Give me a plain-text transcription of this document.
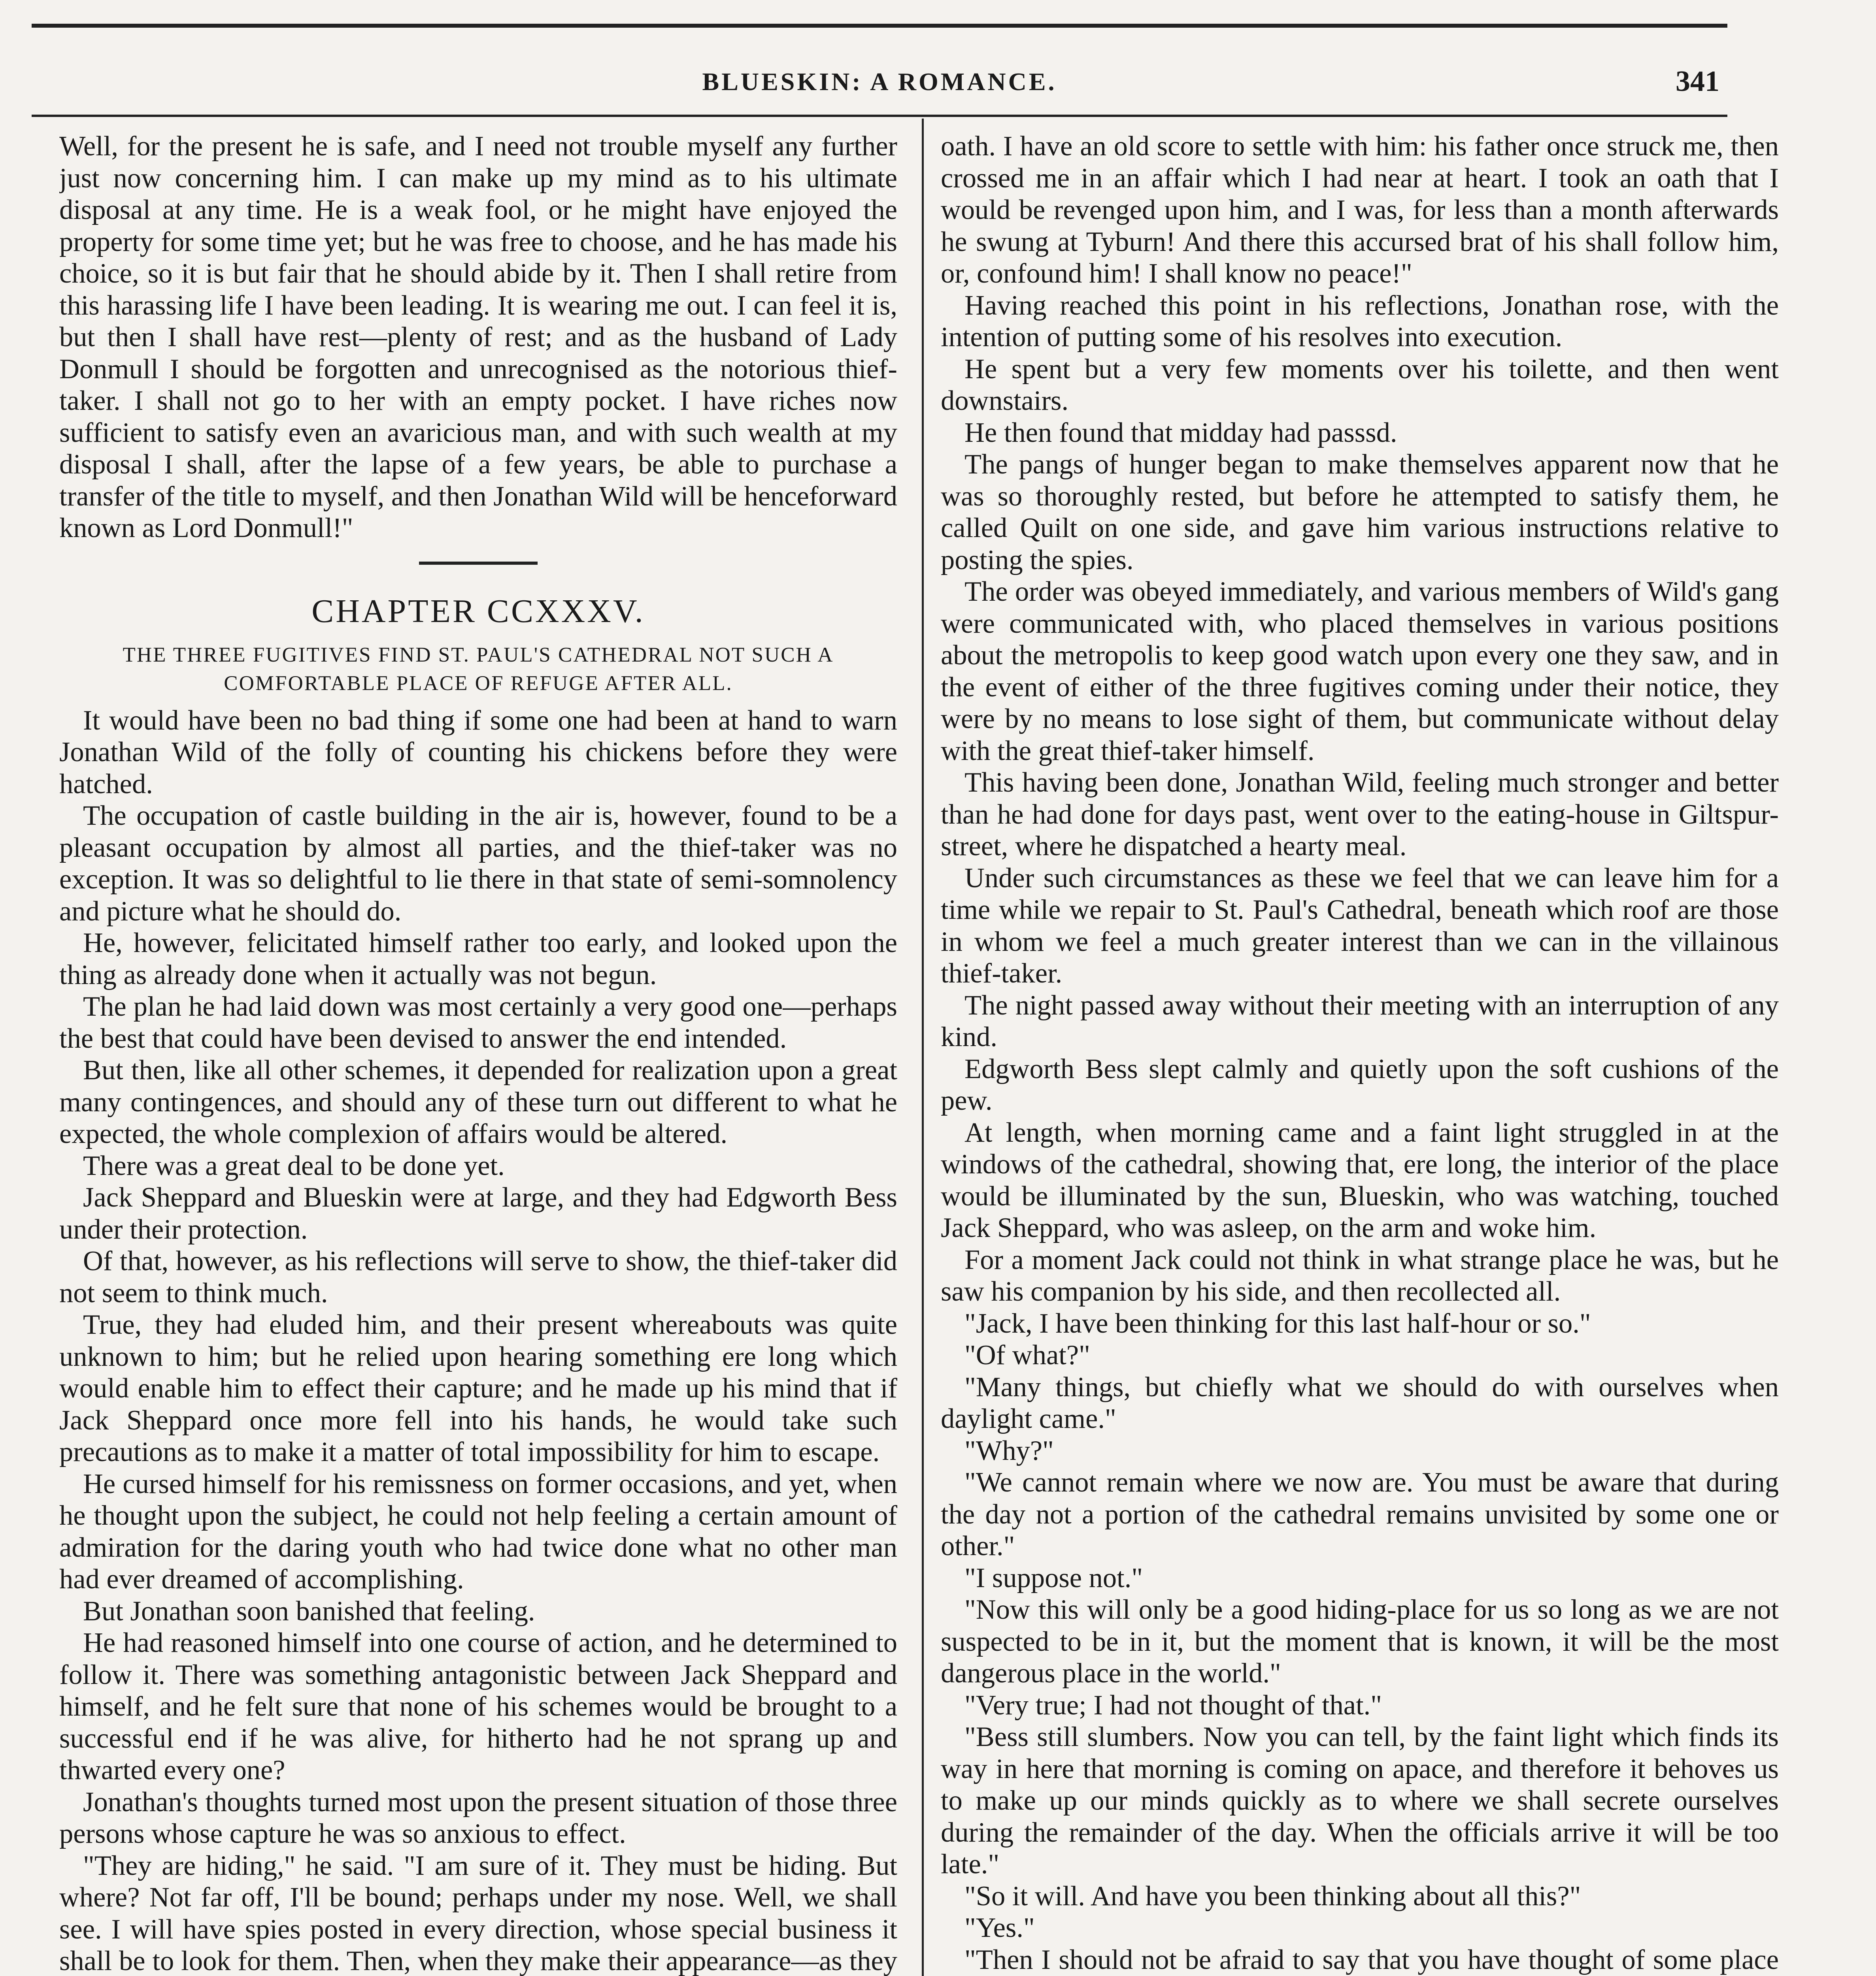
BLUESKIN: A ROMANCE.	341

Well, for the present he is safe, and I need not trouble myself any further just now concerning him. I can make up my mind as to his ultimate disposal at any time. He is a weak fool, or he might have enjoyed the property for some time yet; but he was free to choose, and he has made his choice, so it is but fair that he should abide by it. Then I shall retire from this harassing life I have been leading. It is wearing me out. I can feel it is, but then I shall have rest—plenty of rest; and as the husband of Lady Donmull I should be forgotten and unrecognised as the notorious thief-taker. I shall not go to her with an empty pocket. I have riches now sufficient to satisfy even an avaricious man, and with such wealth at my disposal I shall, after the lapse of a few years, be able to purchase a transfer of the title to myself, and then Jonathan Wild will be henceforward known as Lord Donmull!"

CHAPTER CCXXXV.
THE THREE FUGITIVES FIND ST. PAUL'S CATHEDRAL NOT SUCH A COMFORTABLE PLACE OF REFUGE AFTER ALL.

It would have been no bad thing if some one had been at hand to warn Jonathan Wild of the folly of counting his chickens before they were hatched.

The occupation of castle building in the air is, however, found to be a pleasant occupation by almost all parties, and the thief-taker was no exception. It was so delightful to lie there in that state of semi-somnolency and picture what he should do.

He, however, felicitated himself rather too early, and looked upon the thing as already done when it actually was not begun.

The plan he had laid down was most certainly a very good one—perhaps the best that could have been devised to answer the end intended.

But then, like all other schemes, it depended for realization upon a great many contingences, and should any of these turn out different to what he expected, the whole complexion of affairs would be altered.

There was a great deal to be done yet.

Jack Sheppard and Blueskin were at large, and they had Edgworth Bess under their protection.

Of that, however, as his reflections will serve to show, the thief-taker did not seem to think much.

True, they had eluded him, and their present whereabouts was quite unknown to him; but he relied upon hearing something ere long which would enable him to effect their capture; and he made up his mind that if Jack Sheppard once more fell into his hands, he would take such precautions as to make it a matter of total impossibility for him to escape.

He cursed himself for his remissness on former occasions, and yet, when he thought upon the subject, he could not help feeling a certain amount of admiration for the daring youth who had twice done what no other man had ever dreamed of accomplishing.

But Jonathan soon banished that feeling.

He had reasoned himself into one course of action, and he determined to follow it. There was something antagonistic between Jack Sheppard and himself, and he felt sure that none of his schemes would be brought to a successful end if he was alive, for hitherto had he not sprang up and thwarted every one?

Jonathan's thoughts turned most upon the present situation of those three persons whose capture he was so anxious to effect.

"They are hiding," he said. "I am sure of it. They must be hiding. But where? Not far off, I'll be bound; perhaps under my nose. Well, we shall see. I will have spies posted in every direction, whose special business it shall be to look for them. Then, when they make their appearance—as they

oath. I have an old score to settle with him: his father once struck me, then crossed me in an affair which I had near at heart. I took an oath that I would be revenged upon him, and I was, for less than a month afterwards he swung at Tyburn! And there this accursed brat of his shall follow him, or, confound him! I shall know no peace!"

Having reached this point in his reflections, Jonathan rose, with the intention of putting some of his resolves into execution.

He spent but a very few moments over his toilette, and then went downstairs.

He then found that midday had passsd.

The pangs of hunger began to make themselves apparent now that he was so thoroughly rested, but before he attempted to satisfy them, he called Quilt on one side, and gave him various instructions relative to posting the spies.

The order was obeyed immediately, and various members of Wild's gang were communicated with, who placed themselves in various positions about the metropolis to keep good watch upon every one they saw, and in the event of either of the three fugitives coming under their notice, they were by no means to lose sight of them, but communicate without delay with the great thief-taker himself.

This having been done, Jonathan Wild, feeling much stronger and better than he had done for days past, went over to the eating-house in Giltspur-street, where he dispatched a hearty meal.

Under such circumstances as these we feel that we can leave him for a time while we repair to St. Paul's Cathedral, beneath which roof are those in whom we feel a much greater interest than we can in the villainous thief-taker.

The night passed away without their meeting with an interruption of any kind.

Edgworth Bess slept calmly and quietly upon the soft cushions of the pew.

At length, when morning came and a faint light struggled in at the windows of the cathedral, showing that, ere long, the interior of the place would be illuminated by the sun, Blueskin, who was watching, touched Jack Sheppard, who was asleep, on the arm and woke him.

For a moment Jack could not think in what strange place he was, but he saw his companion by his side, and then recollected all.

"Jack, I have been thinking for this last half-hour or so."

"Of what?"

"Many things, but chiefly what we should do with ourselves when daylight came."

"Why?"

"We cannot remain where we now are. You must be aware that during the day not a portion of the cathedral remains unvisited by some one or other."

"I suppose not."

"Now this will only be a good hiding-place for us so long as we are not suspected to be in it, but the moment that is known, it will be the most dangerous place in the world."

"Very true; I had not thought of that."

"Bess still slumbers. Now you can tell, by the faint light which finds its way in here that morning is coming on apace, and therefore it behoves us to make up our minds quickly as to where we shall secrete ourselves during the remainder of the day. When the officials arrive it will be too late."

"So it will. And have you been thinking about all this?"

"Yes."

"Then I should not be afraid to say that you have thought of some place
